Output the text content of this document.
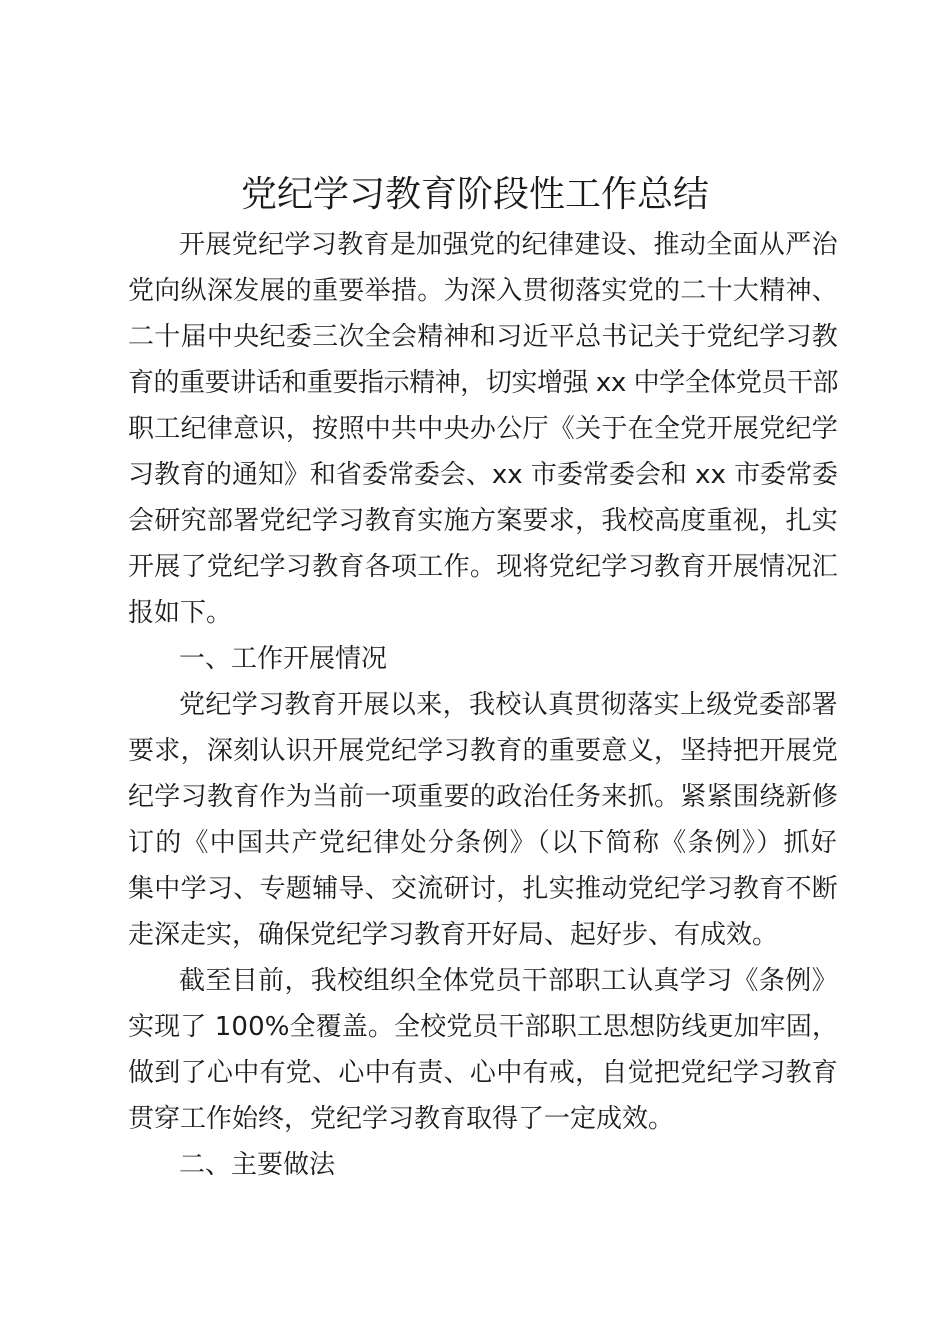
党纪学习教育阶段性工作总结
开展党纪学习教育是加强党的纪律建设、推动全面从严治
党向纵深发展的重要举措。为深入贯彻落实党的二十大精神、
二十届中央纪委三次全会精神和习近平总书记关于党纪学习教
育的重要讲话和重要指示精神，切实增强 xx 中学全体党员干部
职工纪律意识，按照中共中央办公厅《关于在全党开展党纪学
习教育的通知》和省委常委会、xx 市委常委会和 xx 市委常委
会研究部署党纪学习教育实施方案要求，我校高度重视，扎实
开展了党纪学习教育各项工作。现将党纪学习教育开展情况汇
报如下。
一、工作开展情况
党纪学习教育开展以来，我校认真贯彻落实上级党委部署
要求，深刻认识开展党纪学习教育的重要意义，坚持把开展党
纪学习教育作为当前一项重要的政治任务来抓。紧紧围绕新修
订的《中国共产党纪律处分条例》（以下简称《条例》）抓好
集中学习、专题辅导、交流研讨，扎实推动党纪学习教育不断
走深走实，确保党纪学习教育开好局、起好步、有成效。
截至目前，我校组织全体党员干部职工认真学习《条例》
实现了 100%全覆盖。全校党员干部职工思想防线更加牢固，
做到了心中有党、心中有责、心中有戒，自觉把党纪学习教育
贯穿工作始终，党纪学习教育取得了一定成效。
二、主要做法
